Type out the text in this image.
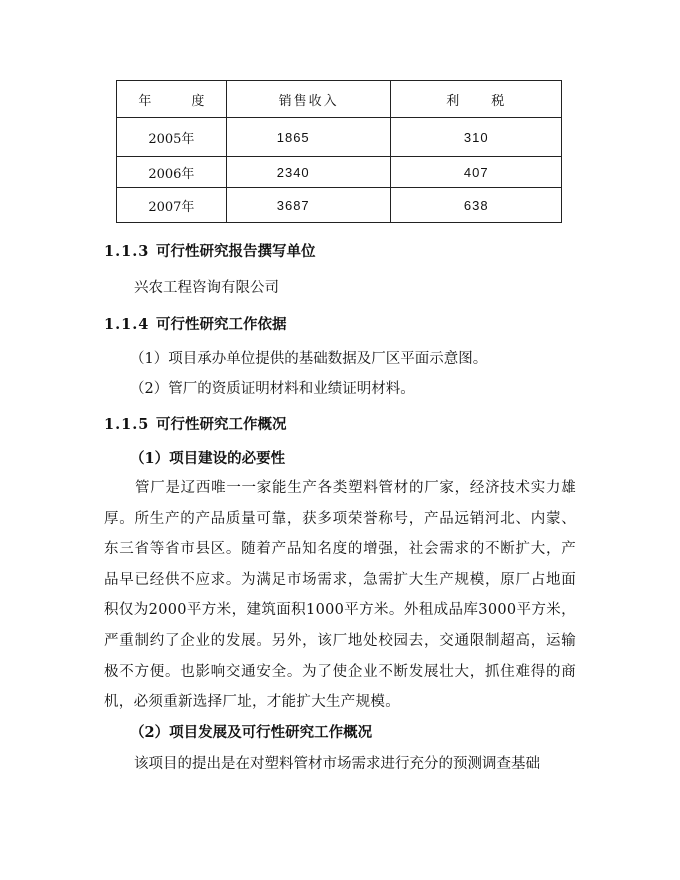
年 度	销售收入	利　　税
2005年	1865	310
2006年	2340	407
2007年	3687	638
1.1.3 可行性研究报告撰写单位
兴农工程咨询有限公司
1.1.4 可行性研究工作依据
（1）项目承办单位提供的基础数据及厂区平面示意图。
（2）管厂的资质证明材料和业绩证明材料。
1.1.5 可行性研究工作概况
（1）项目建设的必要性
管厂是辽西唯一一家能生产各类塑料管材的厂家，经济技术实力雄厚。所生产的产品质量可靠，获多项荣誉称号，产品远销河北、内蒙、东三省等省市县区。随着产品知名度的增强，社会需求的不断扩大，产品早已经供不应求。为满足市场需求，急需扩大生产规模，原厂占地面积仅为2000平方米，建筑面积1000平方米。外租成品库3000平方米，严重制约了企业的发展。另外，该厂地处校园去，交通限制超高，运输极不方便。也影响交通安全。为了使企业不断发展壮大，抓住难得的商机，必须重新选择厂址，才能扩大生产规模。
（2）项目发展及可行性研究工作概况
该项目的提出是在对塑料管材市场需求进行充分的预测调查基础
